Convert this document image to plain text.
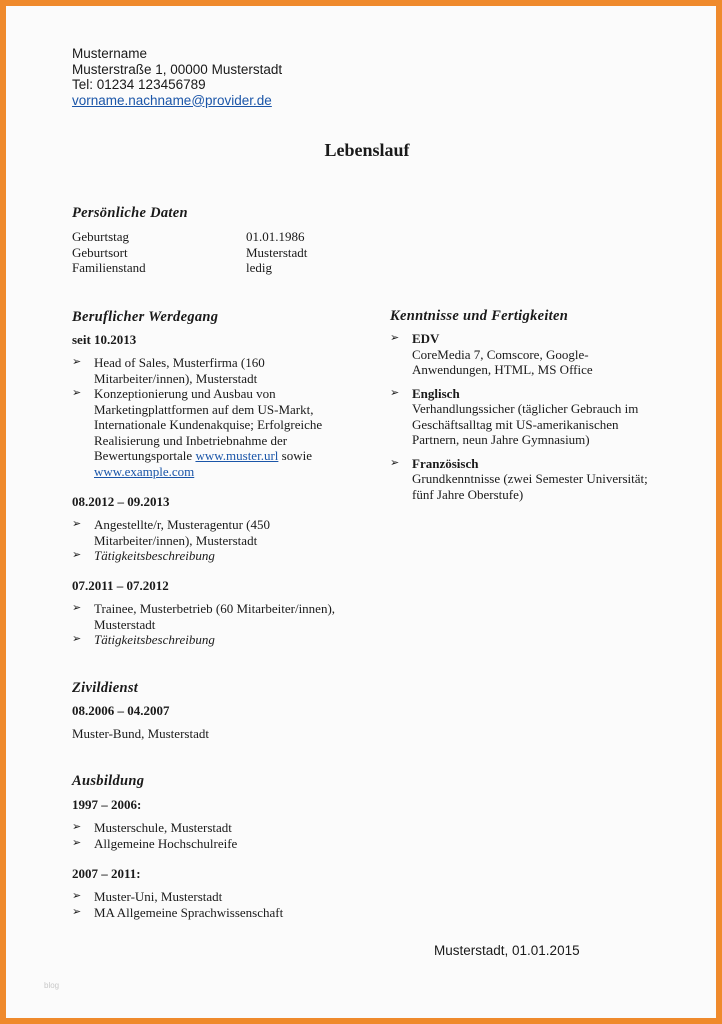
Mustername
Musterstraße 1, 00000 Musterstadt
Tel: 01234 123456789
vorname.nachname@provider.de
Lebenslauf
Persönliche Daten
Geburtstag	01.01.1986
Geburtsort	Musterstadt
Familienstand	ledig
Beruflicher Werdegang
seit 10.2013
➢ Head of Sales, Musterfirma (160
Mitarbeiter/innen), Musterstadt
➢ Konzeptionierung und Ausbau von
Marketingplattformen auf dem US-Markt,
Internationale Kundenakquise; Erfolgreiche
Realisierung und Inbetriebnahme der
Bewertungsportale www.muster.url sowie
www.example.com
08.2012 – 09.2013
➢ Angestellte/r, Musteragentur (450
Mitarbeiter/innen), Musterstadt
➢ Tätigkeitsbeschreibung
07.2011 – 07.2012
➢ Trainee, Musterbetrieb (60 Mitarbeiter/innen),
Musterstadt
➢ Tätigkeitsbeschreibung
Kenntnisse und Fertigkeiten
➢ EDV
CoreMedia 7, Comscore, Google-
Anwendungen, HTML, MS Office
➢ Englisch
Verhandlungssicher (täglicher Gebrauch im
Geschäftsalltag mit US-amerikanischen
Partnern, neun Jahre Gymnasium)
➢ Französisch
Grundkenntnisse (zwei Semester Universität;
fünf Jahre Oberstufe)
Zivildienst
08.2006 – 04.2007
Muster-Bund, Musterstadt
Ausbildung
1997 – 2006:
➢ Musterschule, Musterstadt
➢ Allgemeine Hochschulreife
2007 – 2011:
➢ Muster-Uni, Musterstadt
➢ MA Allgemeine Sprachwissenschaft
Musterstadt, 01.01.2015
blog
